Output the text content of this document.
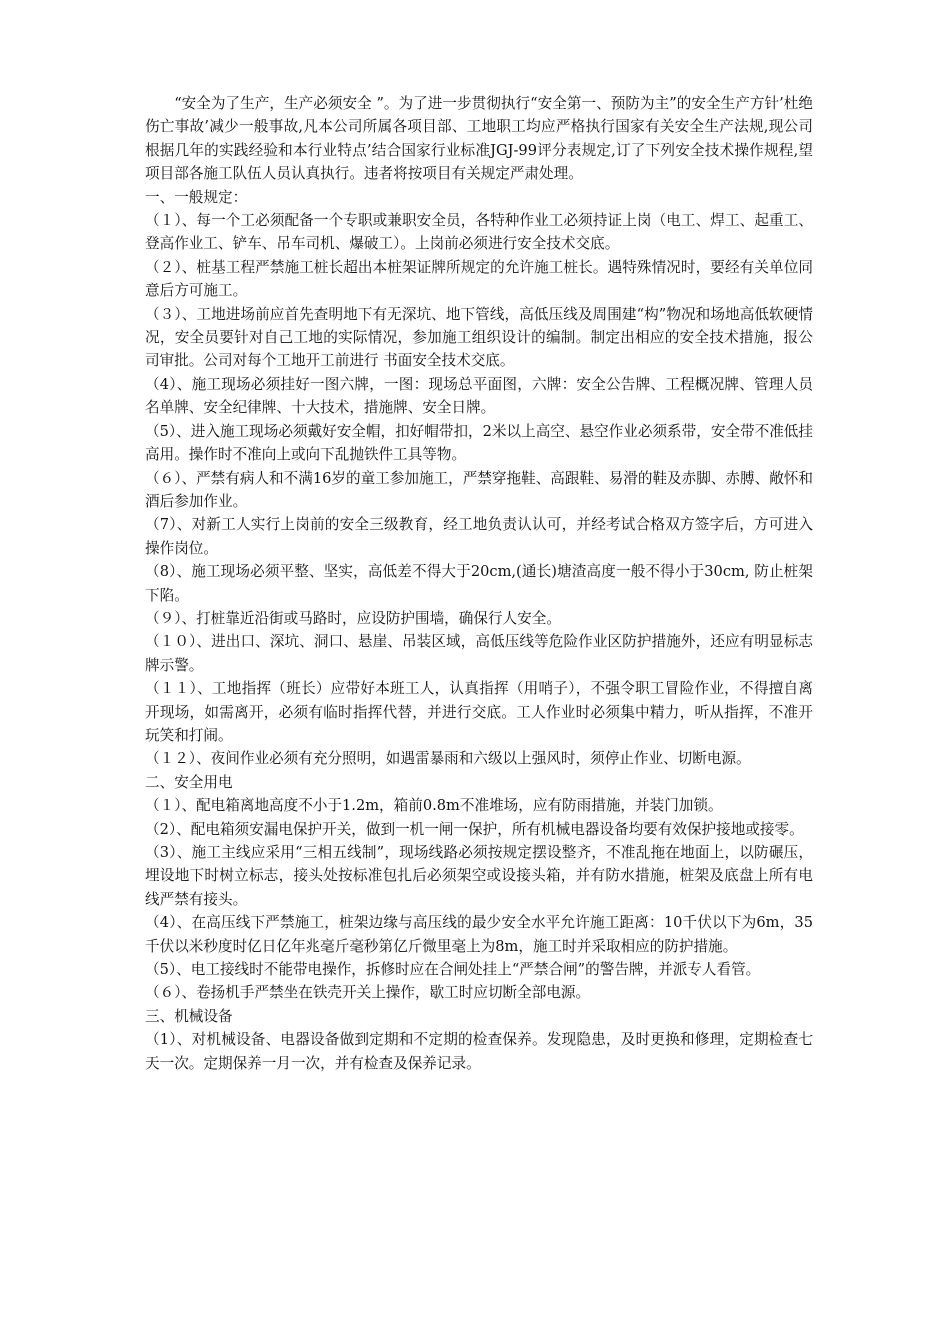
“安全为了生产，生产必须安全 ”。为了进一步贯彻执行“安全第一、预防为主”的安全生产方针’杜绝伤亡事故’减少一般事故,凡本公司所属各项目部、工地职工均应严格执行国家有关安全生产法规,现公司根据几年的实践经验和本行业特点’结合国家行业标准JGJ-99评分表规定,订了下列安全技术操作规程,望项目部各施工队伍人员认真执行。违者将按项目有关规定严肃处理。

一、一般规定：

（１）、每一个工必须配备一个专职或兼职安全员，各特种作业工必须持证上岗（电工、焊工、起重工、登高作业工、铲车、吊车司机、爆破工）。上岗前必须进行安全技术交底。

（２）、桩基工程严禁施工桩长超出本桩架证牌所规定的允许施工桩长。遇特殊情况时，要经有关单位同意后方可施工。

（３）、工地进场前应首先查明地下有无深坑、地下管线，高低压线及周围建“构”物况和场地高低软硬情况，安全员要针对自己工地的实际情况，参加施工组织设计的编制。制定出相应的安全技术措施，报公司审批。公司对每个工地开工前进行 书面安全技术交底。

（4）、施工现场必须挂好一图六牌，一图：现场总平面图，六牌：安全公告牌、工程概况牌、管理人员名单牌、安全纪律牌、十大技术，措施牌、安全日牌。

（5）、进入施工现场必须戴好安全帽，扣好帽带扣，2米以上高空、悬空作业必须系带，安全带不准低挂高用。操作时不准向上或向下乱抛铁件工具等物。

（６）、严禁有病人和不满16岁的童工参加施工，严禁穿拖鞋、高跟鞋、易滑的鞋及赤脚、赤膊、敞怀和酒后参加作业。

（7）、对新工人实行上岗前的安全三级教育，经工地负责认认可，并经考试合格双方签字后，方可进入操作岗位。

（8）、施工现场必须平整、坚实，高低差不得大于20cm,(通长)塘渣高度一般不得小于30cm, 防止桩架下陷。

（９）、打桩靠近沿街或马路时，应设防护围墙，确保行人安全。

（１０）、进出口、深坑、洞口、悬崖、吊装区域，高低压线等危险作业区防护措施外，还应有明显标志牌示警。

（１１）、工地指挥（班长）应带好本班工人，认真指挥（用哨子），不强令职工冒险作业，不得擅自离开现场，如需离开，必须有临时指挥代替，并进行交底。工人作业时必须集中精力，听从指挥，不准开玩笑和打闹。

（１２）、夜间作业必须有充分照明，如遇雷暴雨和六级以上强风时，须停止作业、切断电源。

二、安全用电

（１）、配电箱离地高度不小于1.2m，箱前0.8m不准堆场，应有防雨措施，并装门加锁。

（2）、配电箱须安漏电保护开关，做到一机一闸一保护，所有机械电器设备均要有效保护接地或接零。

（3）、施工主线应采用“三相五线制”，现场线路必须按规定摆设整齐，不准乱拖在地面上，以防碾压，埋设地下时树立标志，接头处按标准包扎后必须架空或设接头箱，并有防水措施，桩架及底盘上所有电线严禁有接头。

（4）、在高压线下严禁施工，桩架边缘与高压线的最少安全水平允许施工距离：10千伏以下为6m，35千伏以米秒度时亿日亿年兆毫斤毫秒第亿斤微里毫上为8m，施工时并采取相应的防护措施。

（5）、电工接线时不能带电操作，拆修时应在合闸处挂上“严禁合闸”的警告牌，并派专人看管。

（６）、卷扬机手严禁坐在铁壳开关上操作，歇工时应切断全部电源。

三、机械设备

（1）、对机械设备、电器设备做到定期和不定期的检查保养。发现隐患，及时更换和修理，定期检查七天一次。定期保养一月一次，并有检查及保养记录。
